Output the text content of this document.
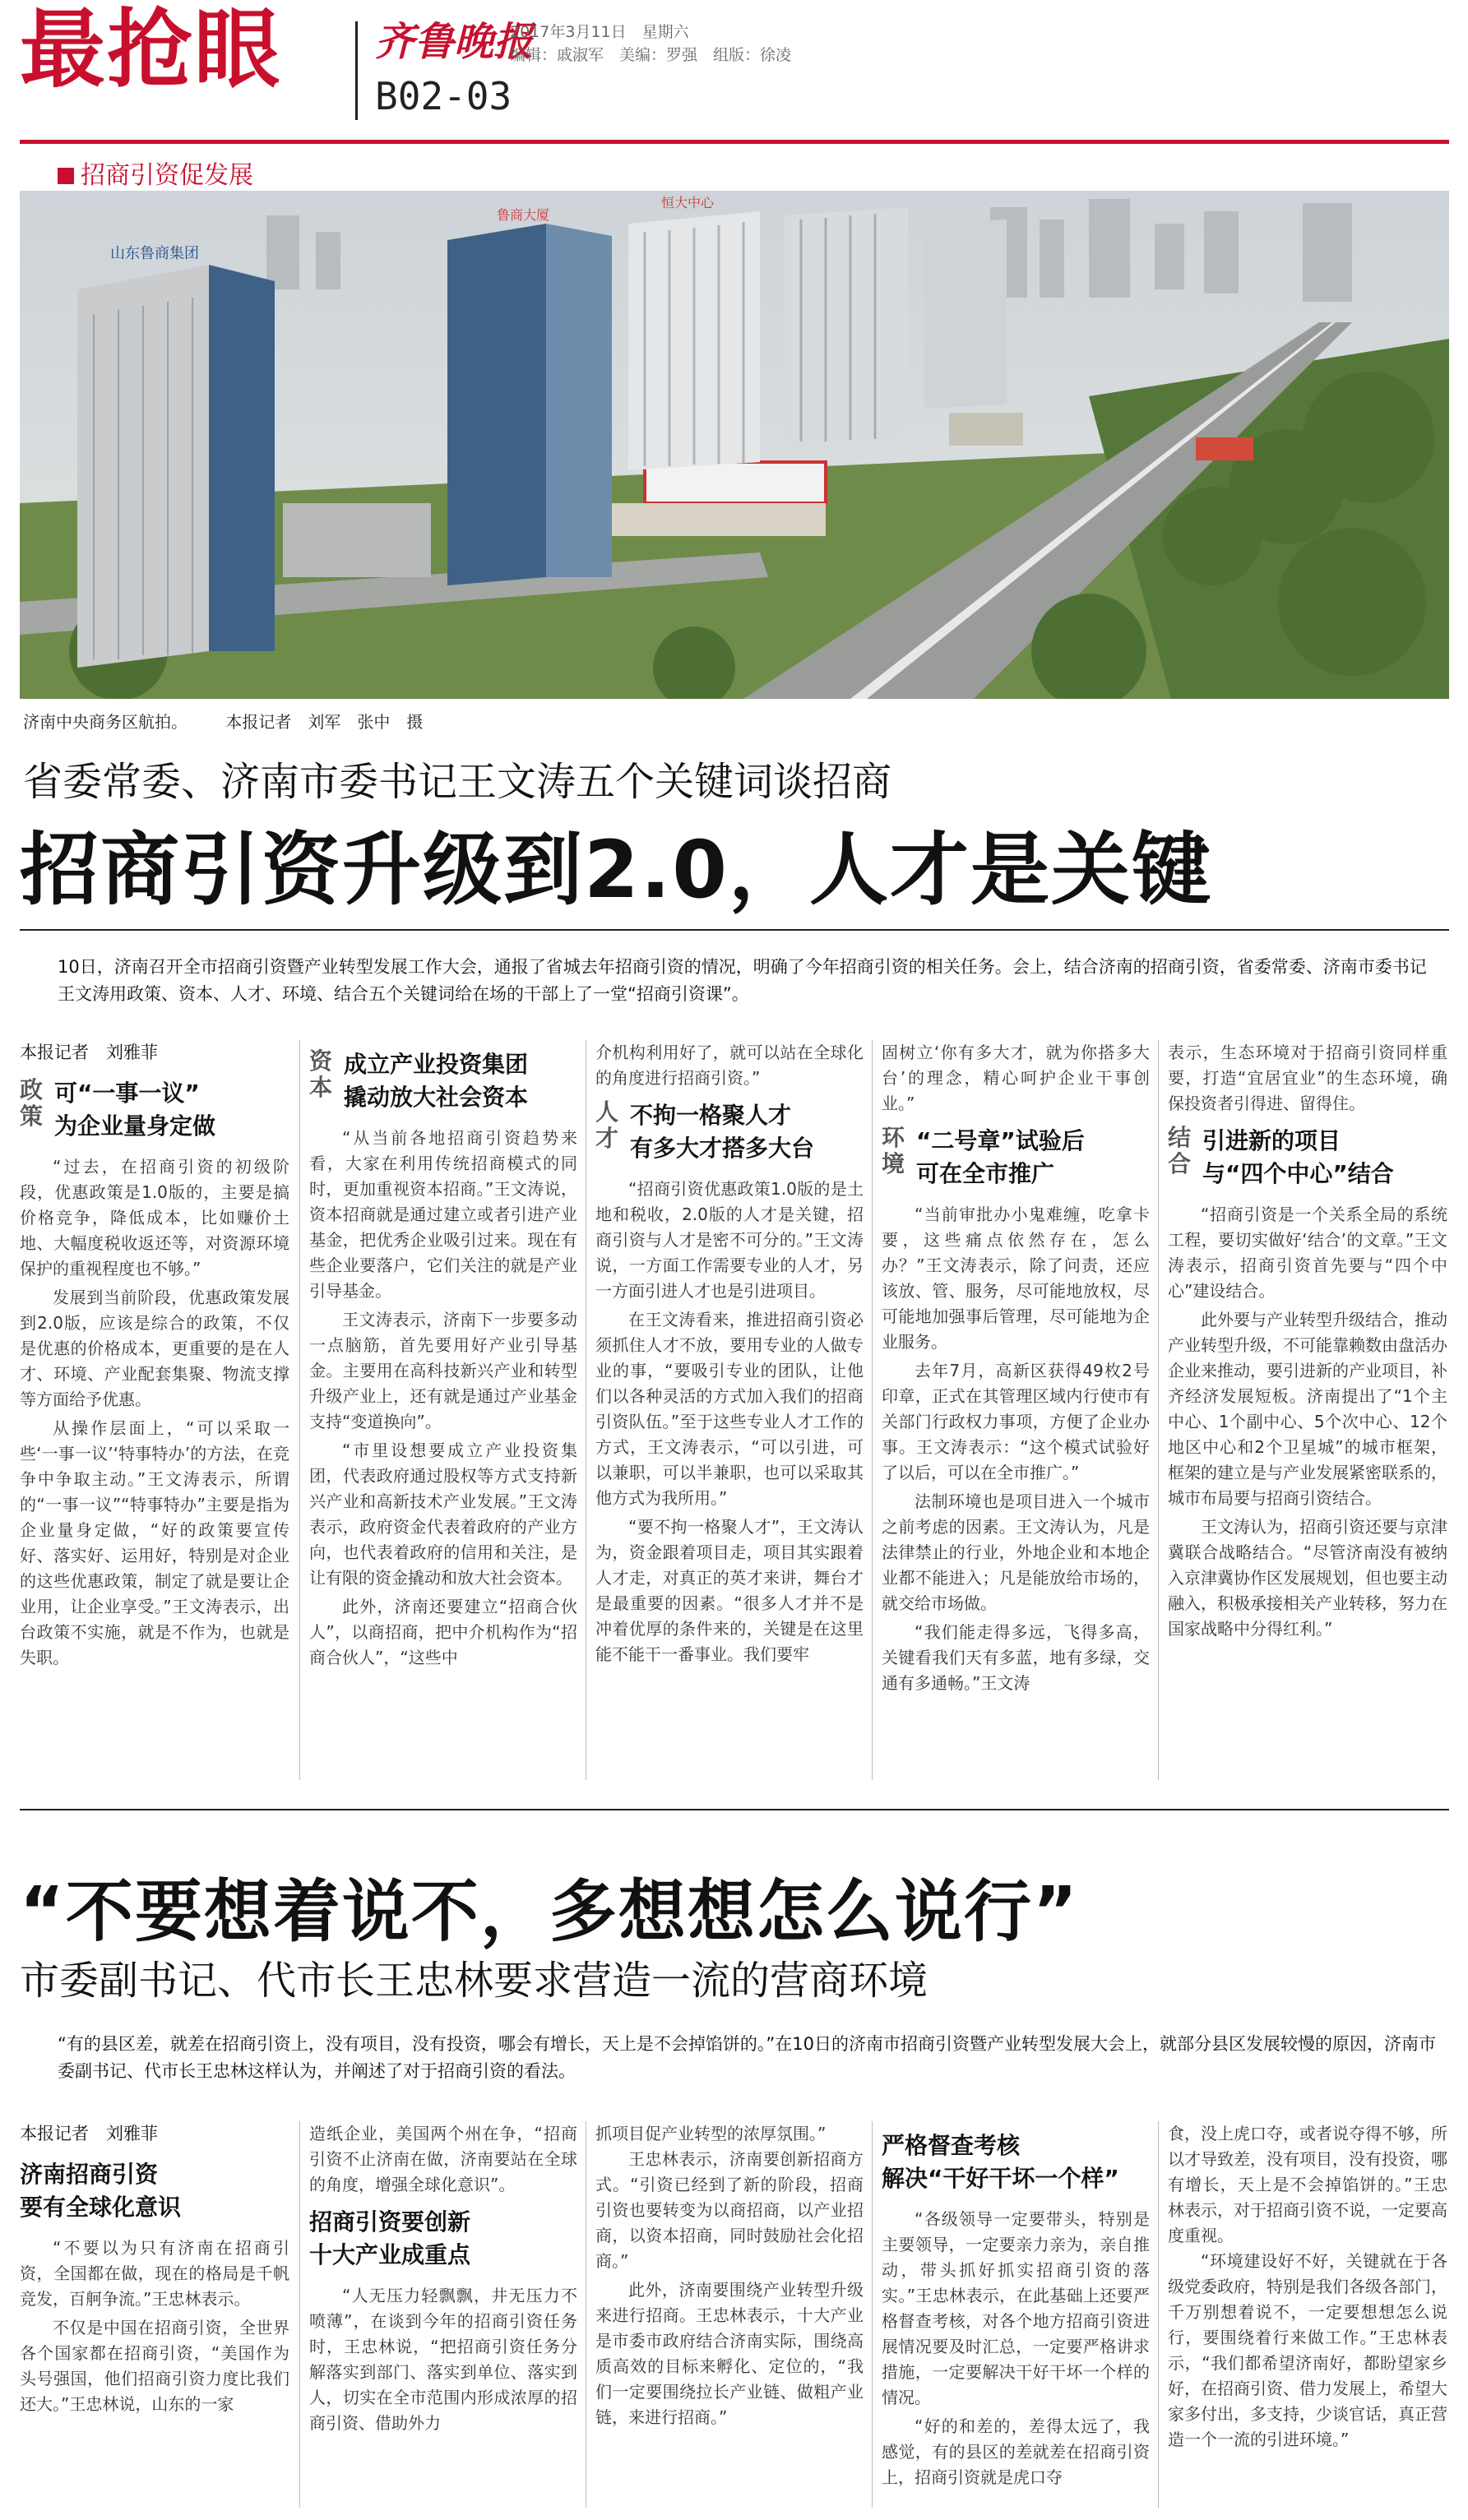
最抢眼 齐鲁晚报
B02-03
2017年3月11日　星期六
编辑：戚淑军　美编：罗强　组版：徐凌
招商引资促发展
山东鲁商集团
鲁商大厦
恒大中心
济南中央商务区航拍。 本报记者　刘军　张中　摄
省委常委、济南市委书记王文涛五个关键词谈招商
招商引资升级到2.0，人才是关键
10日，济南召开全市招商引资暨产业转型发展工作大会，通报了省城去年招商引资的情况，明确了今年招商引资的相关任务。会上，结合济南的招商引资，省委常委、济南市委书记王文涛用政策、资本、人才、环境、结合五个关键词给在场的干部上了一堂“招商引资课”。
本报记者　刘雅菲
政策
可“一事一议”
为企业量身定做

“过去，在招商引资的初级阶段，优惠政策是1.0版的，主要是搞价格竞争，降低成本，比如赚价土地、大幅度税收返还等，对资源环境保护的重视程度也不够。”

发展到当前阶段，优惠政策发展到2.0版，应该是综合的政策，不仅是优惠的价格成本，更重要的是在人才、环境、产业配套集聚、物流支撑等方面给予优惠。

从操作层面上，“可以采取一些‘一事一议’‘特事特办’的方法，在竞争中争取主动。”王文涛表示，所谓的“一事一议”“特事特办”主要是指为企业量身定做，“好的政策要宣传好、落实好、运用好，特别是对企业的这些优惠政策，制定了就是要让企业用，让企业享受。”王文涛表示，出台政策不实施，就是不作为，也就是失职。

资本
成立产业投资集团
撬动放大社会资本

“从当前各地招商引资趋势来看，大家在利用传统招商模式的同时，更加重视资本招商。”王文涛说，资本招商就是通过建立或者引进产业基金，把优秀企业吸引过来。现在有些企业要落户，它们关注的就是产业引导基金。

王文涛表示，济南下一步要多动一点脑筋，首先要用好产业引导基金。主要用在高科技新兴产业和转型升级产业上，还有就是通过产业基金支持“变道换向”。

“市里设想要成立产业投资集团，代表政府通过股权等方式支持新兴产业和高新技术产业发展。”王文涛表示，政府资金代表着政府的产业方向，也代表着政府的信用和关注，是让有限的资金撬动和放大社会资本。

此外，济南还要建立“招商合伙人”，以商招商，把中介机构作为“招商合伙人”，“这些中

介机构利用好了，就可以站在全球化的角度进行招商引资。”
人才
不拘一格聚人才
有多大才搭多大台

“招商引资优惠政策1.0版的是土地和税收，2.0版的人才是关键，招商引资与人才是密不可分的。”王文涛说，一方面工作需要专业的人才，另一方面引进人才也是引进项目。

在王文涛看来，推进招商引资必须抓住人才不放，要用专业的人做专业的事，“要吸引专业的团队，让他们以各种灵活的方式加入我们的招商引资队伍。”至于这些专业人才工作的方式，王文涛表示，“可以引进，可以兼职，可以半兼职，也可以采取其他方式为我所用。”

“要不拘一格聚人才”，王文涛认为，资金跟着项目走，项目其实跟着人才走，对真正的英才来讲，舞台才是最重要的因素。“很多人才并不是冲着优厚的条件来的，关键是在这里能不能干一番事业。我们要牢

固树立‘你有多大才，就为你搭多大台’的理念，精心呵护企业干事创业。”
环境
“二号章”试验后
可在全市推广

“当前审批办小鬼难缠，吃拿卡要，这些痛点依然存在，怎么办？”王文涛表示，除了问责，还应该放、管、服务，尽可能地放权，尽可能地加强事后管理，尽可能地为企业服务。

去年7月，高新区获得49枚2号印章，正式在其管理区域内行使市有关部门行政权力事项，方便了企业办事。王文涛表示：“这个模式试验好了以后，可以在全市推广。”

法制环境也是项目进入一个城市之前考虑的因素。王文涛认为，凡是法律禁止的行业，外地企业和本地企业都不能进入；凡是能放给市场的，就交给市场做。

“我们能走得多远，飞得多高，关键看我们天有多蓝，地有多绿，交通有多通畅。”王文涛

表示，生态环境对于招商引资同样重要，打造“宜居宜业”的生态环境，确保投资者引得进、留得住。
结合
引进新的项目
与“四个中心”结合

“招商引资是一个关系全局的系统工程，要切实做好‘结合’的文章。”王文涛表示，招商引资首先要与“四个中心”建设结合。

此外要与产业转型升级结合，推动产业转型升级，不可能靠赖数由盘活办企业来推动，要引进新的产业项目，补齐经济发展短板。济南提出了“1个主中心、1个副中心、5个次中心、12个地区中心和2个卫星城”的城市框架，框架的建立是与产业发展紧密联系的，城市布局要与招商引资结合。

王文涛认为，招商引资还要与京津冀联合战略结合。“尽管济南没有被纳入京津冀协作区发展规划，但也要主动融入，积极承接相关产业转移，努力在国家战略中分得红利。”

“不要想着说不，多想想怎么说行”
市委副书记、代市长王忠林要求营造一流的营商环境
“有的县区差，就差在招商引资上，没有项目，没有投资，哪会有增长，天上是不会掉馅饼的。”在10日的济南市招商引资暨产业转型发展大会上，就部分县区发展较慢的原因，济南市委副书记、代市长王忠林这样认为，并阐述了对于招商引资的看法。
本报记者　刘雅菲
济南招商引资
要有全球化意识

“不要以为只有济南在招商引资，全国都在做，现在的格局是千帆竞发，百舸争流。”王忠林表示。

不仅是中国在招商引资，全世界各个国家都在招商引资，“美国作为头号强国，他们招商引资力度比我们还大。”王忠林说，山东的一家

造纸企业，美国两个州在争，“招商引资不止济南在做，济南要站在全球的角度，增强全球化意识”。
招商引资要创新
十大产业成重点

“人无压力轻飘飘，井无压力不喷薄”，在谈到今年的招商引资任务时，王忠林说，“把招商引资任务分解落实到部门、落实到单位、落实到人，切实在全市范围内形成浓厚的招商引资、借助外力

抓项目促产业转型的浓厚氛围。”

王忠林表示，济南要创新招商方式。“引资已经到了新的阶段，招商引资也要转变为以商招商，以产业招商，以资本招商，同时鼓励社会化招商。”

此外，济南要围绕产业转型升级来进行招商。王忠林表示，十大产业是市委市政府结合济南实际，围绕高质高效的目标来孵化、定位的，“我们一定要围绕拉长产业链、做粗产业链，来进行招商。”

严格督查考核
解决“干好干坏一个样”

“各级领导一定要带头，特别是主要领导，一定要亲力亲为，亲自推动，带头抓好抓实招商引资的落实。”王忠林表示，在此基础上还要严格督查考核，对各个地方招商引资进展情况要及时汇总，一定要严格讲求措施，一定要解决干好干坏一个样的情况。

“好的和差的，差得太远了，我感觉，有的县区的差就差在招商引资上，招商引资就是虎口夺

食，没上虎口夺，或者说夺得不够，所以才导致差，没有项目，没有投资，哪有增长，天上是不会掉馅饼的。”王忠林表示，对于招商引资不说，一定要高度重视。

“环境建设好不好，关键就在于各级党委政府，特别是我们各级各部门，千万别想着说不，一定要想想怎么说行，要围绕着行来做工作。”王忠林表示，“我们都希望济南好，都盼望家乡好，在招商引资、借力发展上，希望大家多付出，多支持，少谈官话，真正营造一个一流的引进环境。”
